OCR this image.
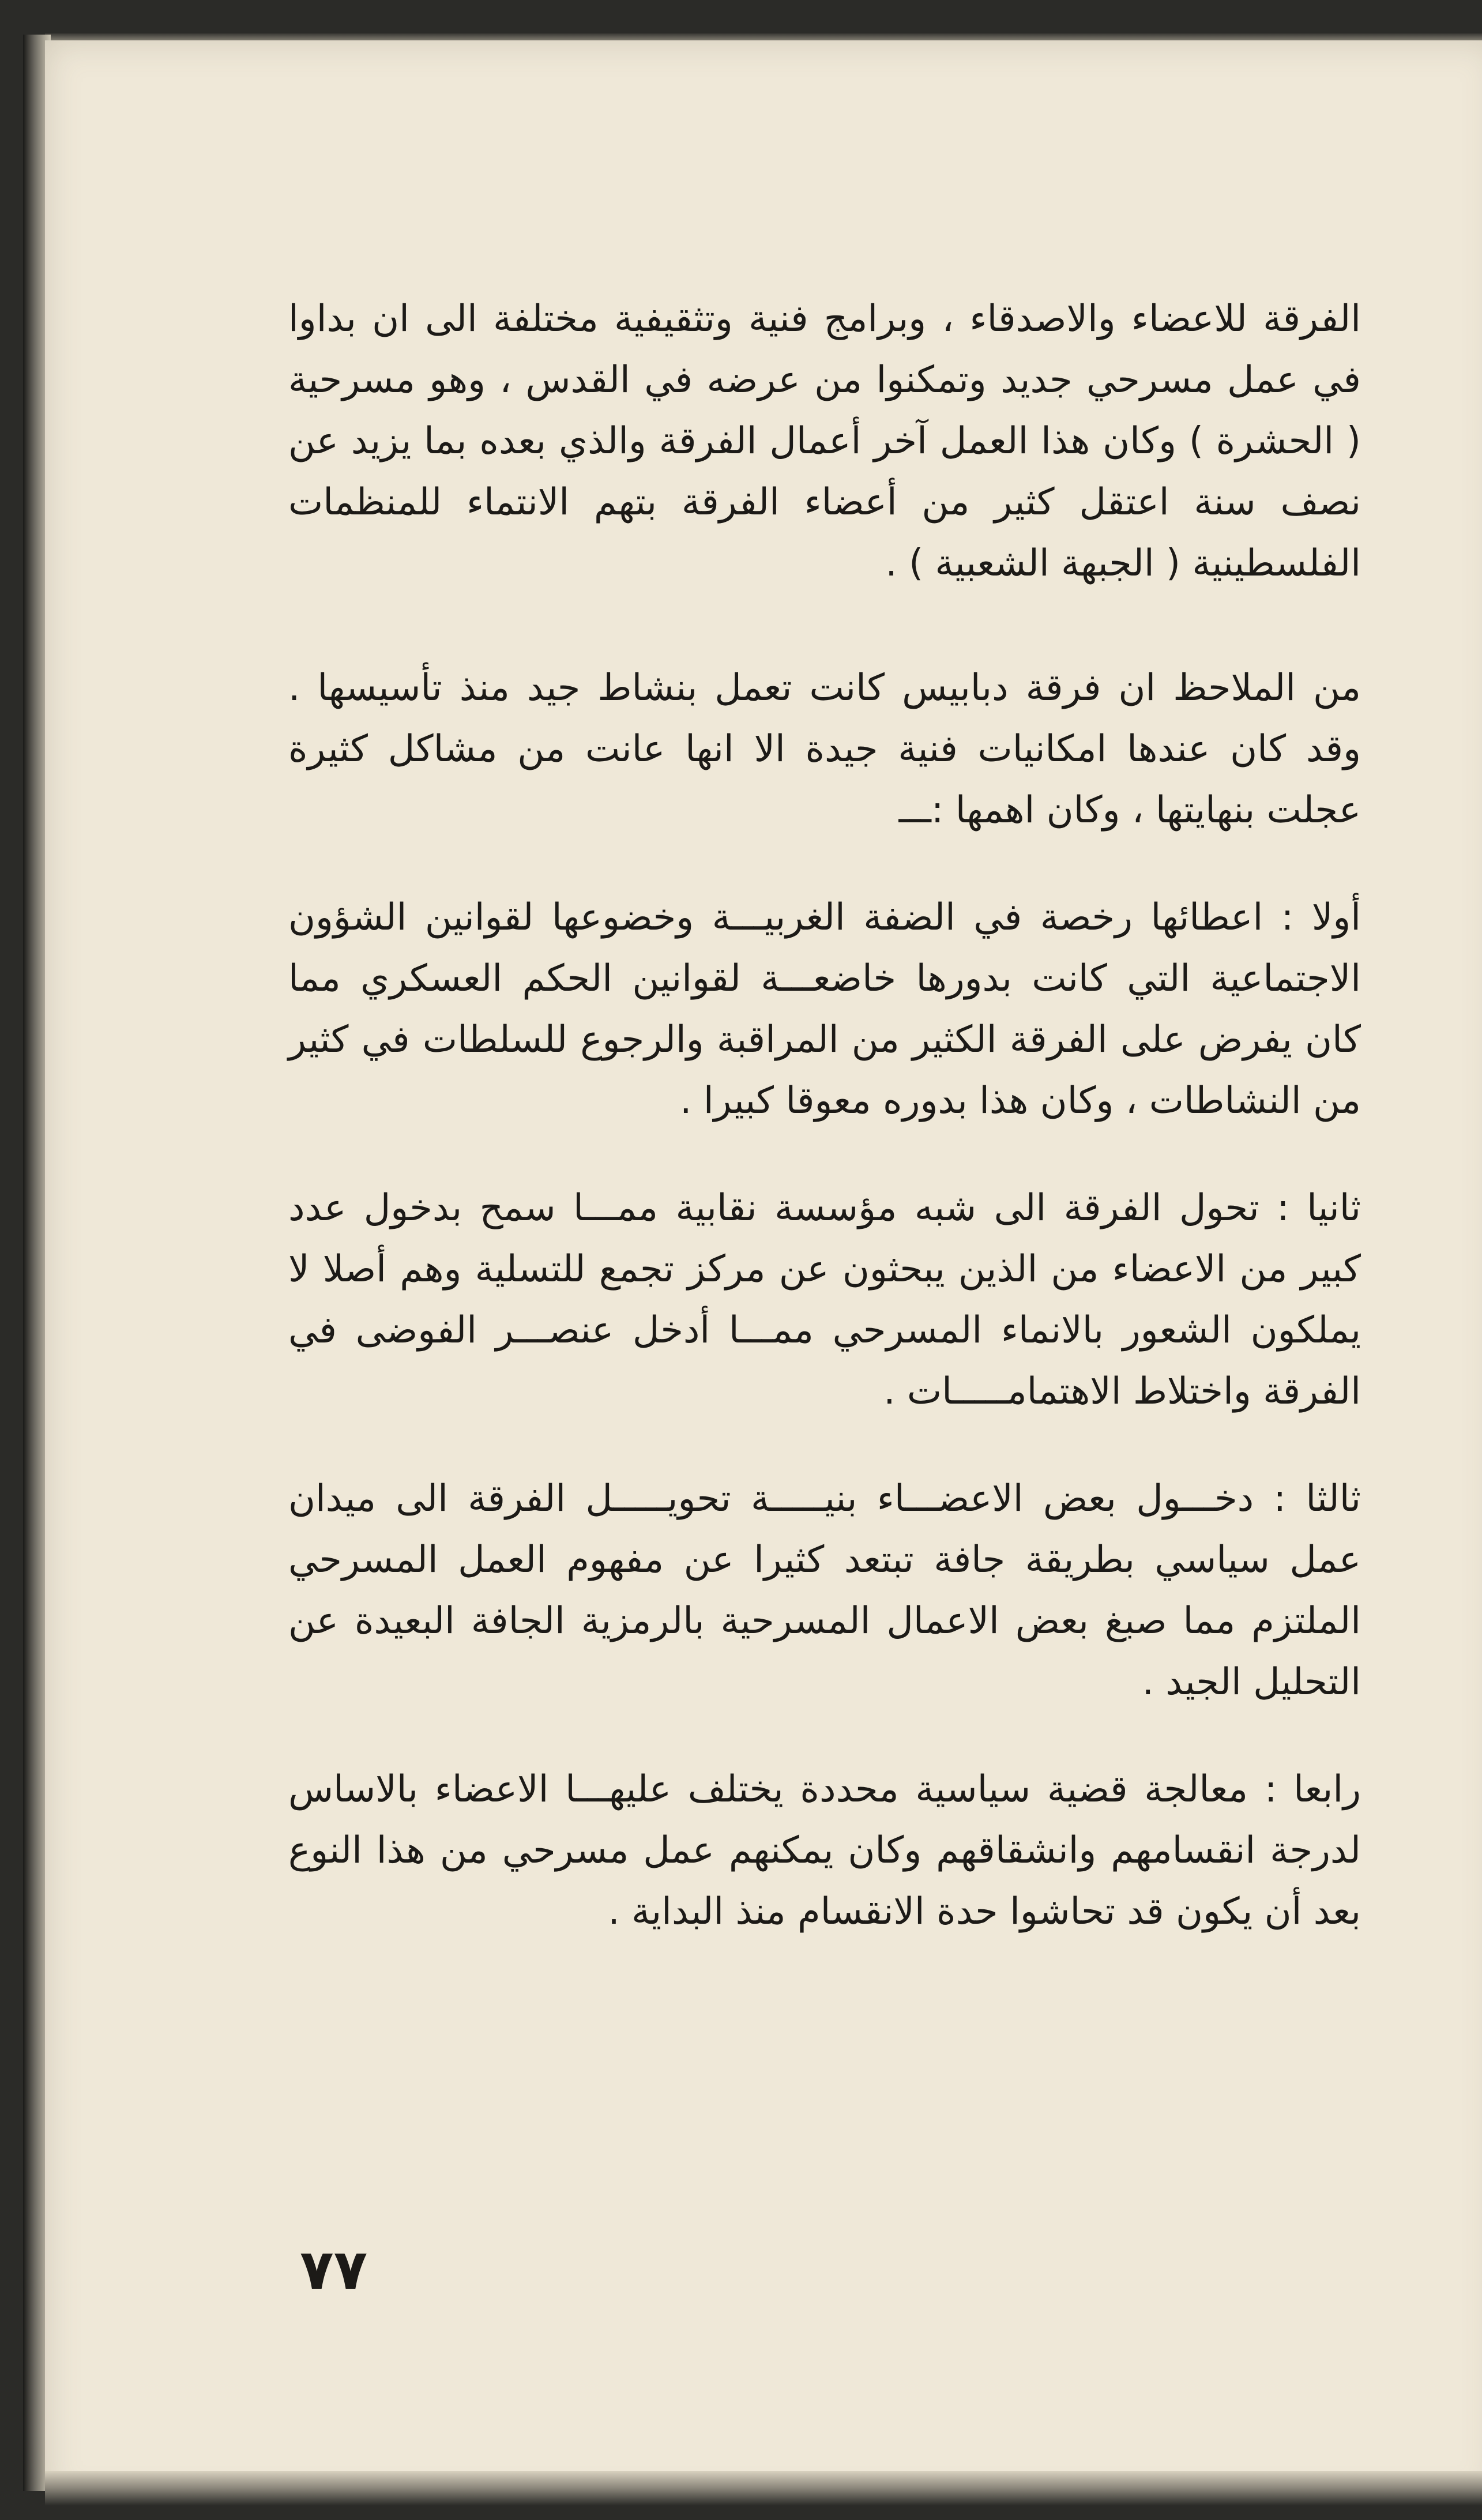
الفرقة للاعضاء والاصدقاء ، وبرامج فنية وتثقيفية مختلفة الى ان بداوا في عمل مسرحي جديد وتمكنوا من عرضه في القدس ، وهو مسرحية ( الحشرة ) وكان هذا العمل آخر أعمال الفرقة والذي بعده بما يزيد عن نصف سنة اعتقل كثير من أعضاء الفرقة بتهم الانتماء للمنظمات الفلسطينية ( الجبهة الشعبية ) .

من الملاحظ ان فرقة دبابيس كانت تعمل بنشاط جيد منذ تأسيسها . وقد كان عندها امكانيات فنية جيدة الا انها عانت من مشاكل كثيرة عجلت بنهايتها ، وكان اهمها :ـــ

أولا : اعطائها رخصة في الضفة الغربيـــة وخضوعها لقوانين الشؤون الاجتماعية التي كانت بدورها خاضعـــة لقوانين الحكم العسكري مما كان يفرض على الفرقة الكثير من المراقبة والرجوع للسلطات في كثير من النشاطات ، وكان هذا بدوره معوقا كبيرا .

ثانيا : تحول الفرقة الى شبه مؤسسة نقابية ممـــا سمح بدخول عدد كبير من الاعضاء من الذين يبحثون عن مركز تجمع للتسلية وهم أصلا لا يملكون الشعور بالانماء المسرحي ممـــا أدخل عنصـــر الفوضى في الفرقة واختلاط الاهتمامـــــات .

ثالثا : دخـــول بعض الاعضـــاء بنيـــــة تحويـــــل الفرقة الى ميدان عمل سياسي بطريقة جافة تبتعد كثيرا عن مفهوم العمل المسرحي الملتزم مما صبغ بعض الاعمال المسرحية بالرمزية الجافة البعيدة عن التحليل الجيد .

رابعا : معالجة قضية سياسية محددة يختلف عليهـــا الاعضاء بالاساس لدرجة انقسامهم وانشقاقهم وكان يمكنهم عمل مسرحي من هذا النوع بعد أن يكون قد تحاشوا حدة الانقسام منذ البداية .

٧٧
